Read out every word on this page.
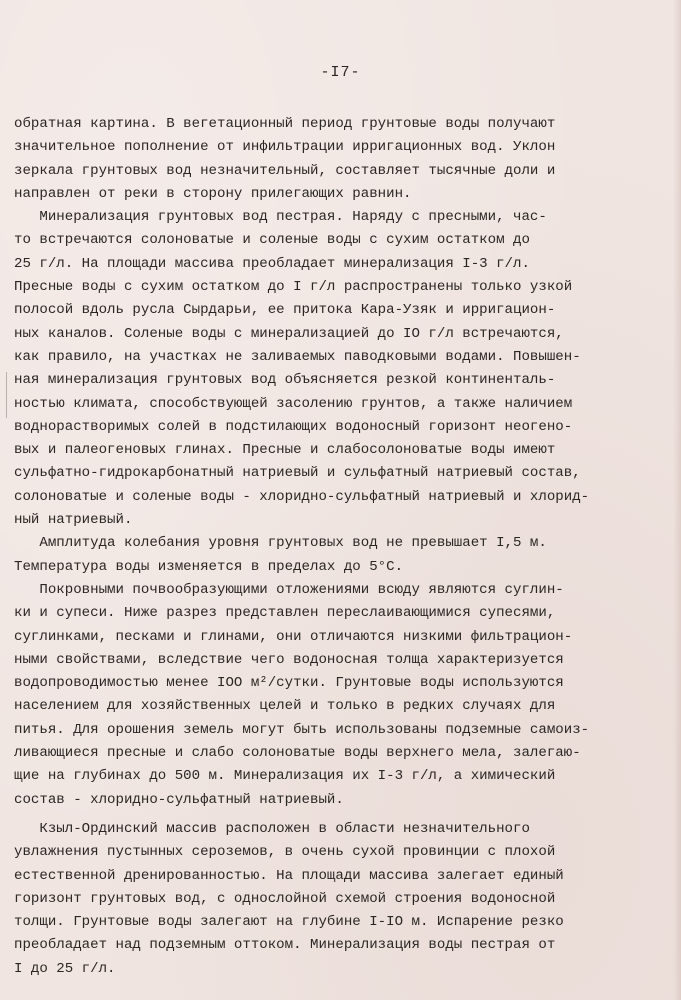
-I7-
обратная картина. В вегетационный период грунтовые воды получают
значительное пополнение от инфильтрации ирригационных вод. Уклон
зеркала грунтовых вод незначительный, составляет тысячные доли и
направлен от реки в сторону прилегающих равнин.
Минерализация грунтовых вод пестрая. Наряду с пресными, час-
то встречаются солоноватые и соленые воды с сухим остатком до
25 г/л. На площади массива преобладает минерализация I-3 г/л.
Пресные воды с сухим остатком до I г/л распространены только узкой
полосой вдоль русла Сырдарьи, ее притока Кара-Узяк и ирригацион-
ных каналов. Соленые воды с минерализацией до IO г/л встречаются,
как правило, на участках не заливаемых паводковыми водами. Повышен-
ная минерализация грунтовых вод объясняется резкой континенталь-
ностью климата, способствующей засолению грунтов, а также наличием
воднорастворимых солей в подстилающих водоносный горизонт неогено-
вых и палеогеновых глинах. Пресные и слабосолоноватые воды имеют
сульфатно-гидрокарбонатный натриевый и сульфатный натриевый состав,
солоноватые и соленые воды - хлоридно-сульфатный натриевый и хлорид-
ный натриевый.
Амплитуда колебания уровня грунтовых вод не превышает I,5 м.
Температура воды изменяется в пределах до 5°С.
Покровными почвообразующими отложениями всюду являются суглин-
ки и супеси. Ниже разрез представлен переслаивающимися супесями,
суглинками, песками и глинами, они отличаются низкими фильтрацион-
ными свойствами, вследствие чего водоносная толща характеризуется
водопроводимостью менее IOO м²/сутки. Грунтовые воды используются
населением для хозяйственных целей и только в редких случаях для
питья. Для орошения земель могут быть использованы подземные самоиз-
ливающиеся пресные и слабо солоноватые воды верхнего мела, залегаю-
щие на глубинах до 500 м. Минерализация их I-3 г/л, а химический
состав - хлоридно-сульфатный натриевый.
Кзыл-Ординский массив расположен в области незначительного
увлажнения пустынных сероземов, в очень сухой провинции с плохой
естественной дренированностью. На площади массива залегает единый
горизонт грунтовых вод, с однослойной схемой строения водоносной
толщи. Грунтовые воды залегают на глубине I-IO м. Испарение резко
преобладает над подземным оттоком. Минерализация воды пестрая от
I до 25 г/л.
